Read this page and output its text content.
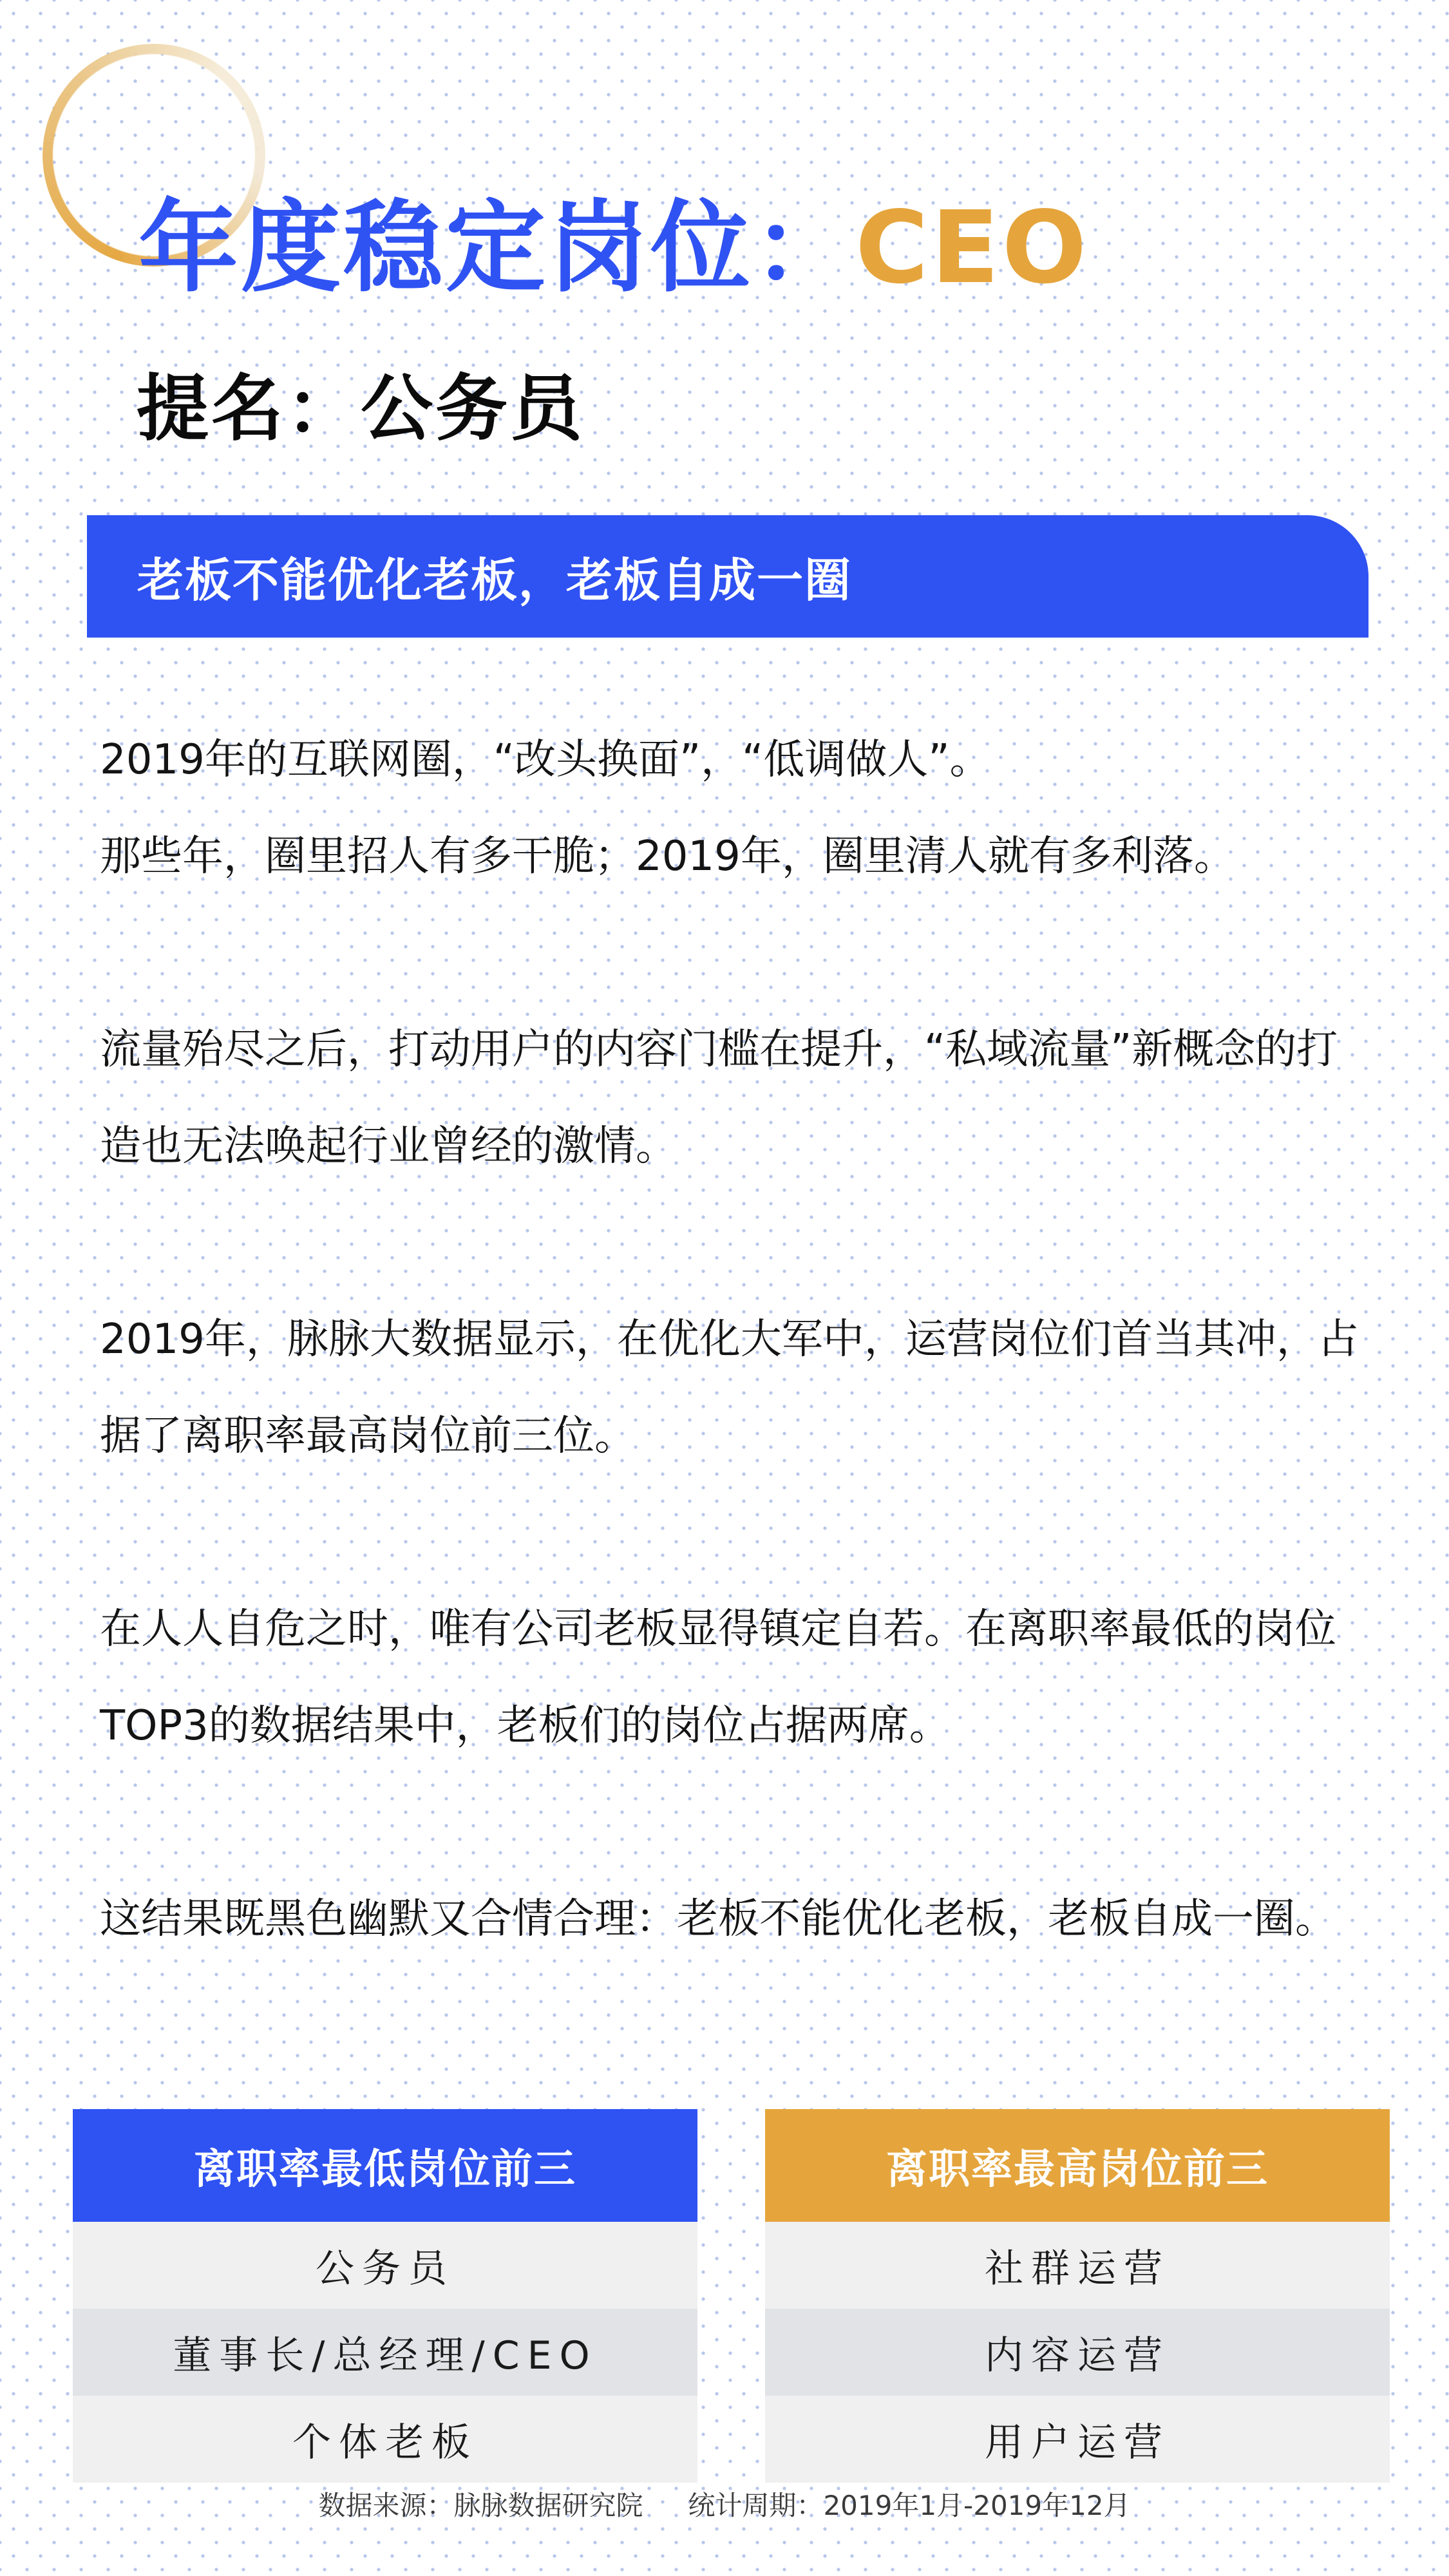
年度稳定岗位：CEO
提名：公务员
老板不能优化老板，老板自成一圈

2019年的互联网圈，“改头换面”，“低调做人”。

那些年，圈里招人有多干脆；2019年，圈里清人就有多利落。

流量殆尽之后，打动用户的内容门槛在提升，“私域流量”新概念的打造也无法唤起行业曾经的激情。

2019年，脉脉大数据显示，在优化大军中，运营岗位们首当其冲，占据了离职率最高岗位前三位。

在人人自危之时，唯有公司老板显得镇定自若。在离职率最低的岗位TOP3的数据结果中，老板们的岗位占据两席。

这结果既黑色幽默又合情合理：老板不能优化老板，老板自成一圈。

离职率最低岗位前三
公务员
董事长/总经理/CEO
个体老板
离职率最高岗位前三
社群运营
内容运营
用户运营
数据来源：脉脉数据研究院 统计周期：2019年1月-2019年12月
